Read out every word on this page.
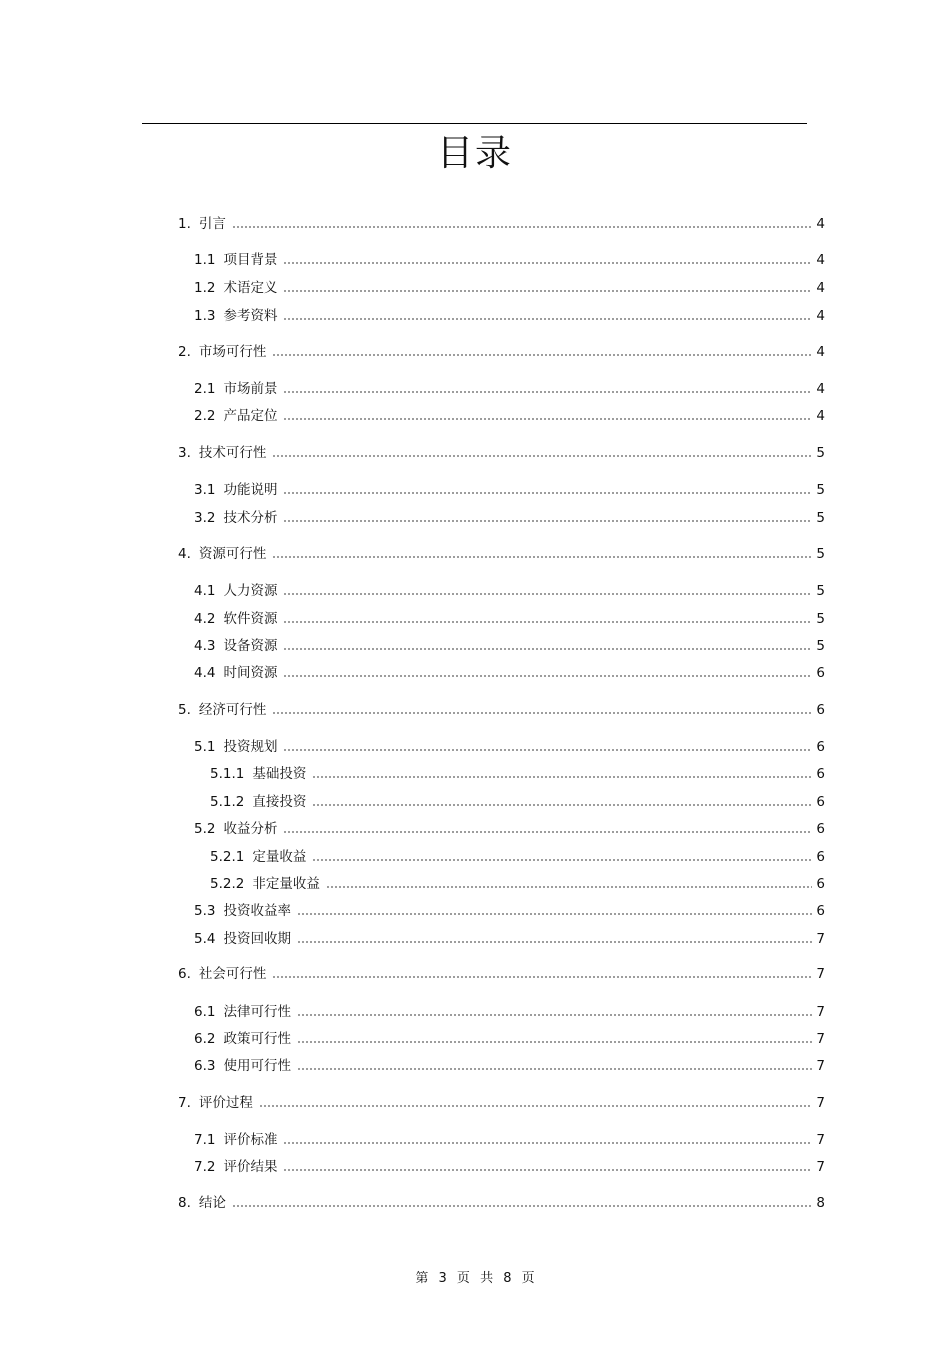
目录
1. 引言	4
1.1 项目背景	4
1.2 术语定义	4
1.3 参考资料	4
2. 市场可行性	4
2.1 市场前景	4
2.2 产品定位	4
3. 技术可行性	5
3.1 功能说明	5
3.2 技术分析	5
4. 资源可行性	5
4.1 人力资源	5
4.2 软件资源	5
4.3 设备资源	5
4.4 时间资源	6
5. 经济可行性	6
5.1 投资规划	6
5.1.1 基础投资	6
5.1.2 直接投资	6
5.2 收益分析	6
5.2.1 定量收益	6
5.2.2 非定量收益	6
5.3 投资收益率	6
5.4 投资回收期	7
6. 社会可行性	7
6.1 法律可行性	7
6.2 政策可行性	7
6.3 使用可行性	7
7. 评价过程	7
7.1 评价标准	7
7.2 评价结果	7
8. 结论	8
第 3 页 共 8 页
